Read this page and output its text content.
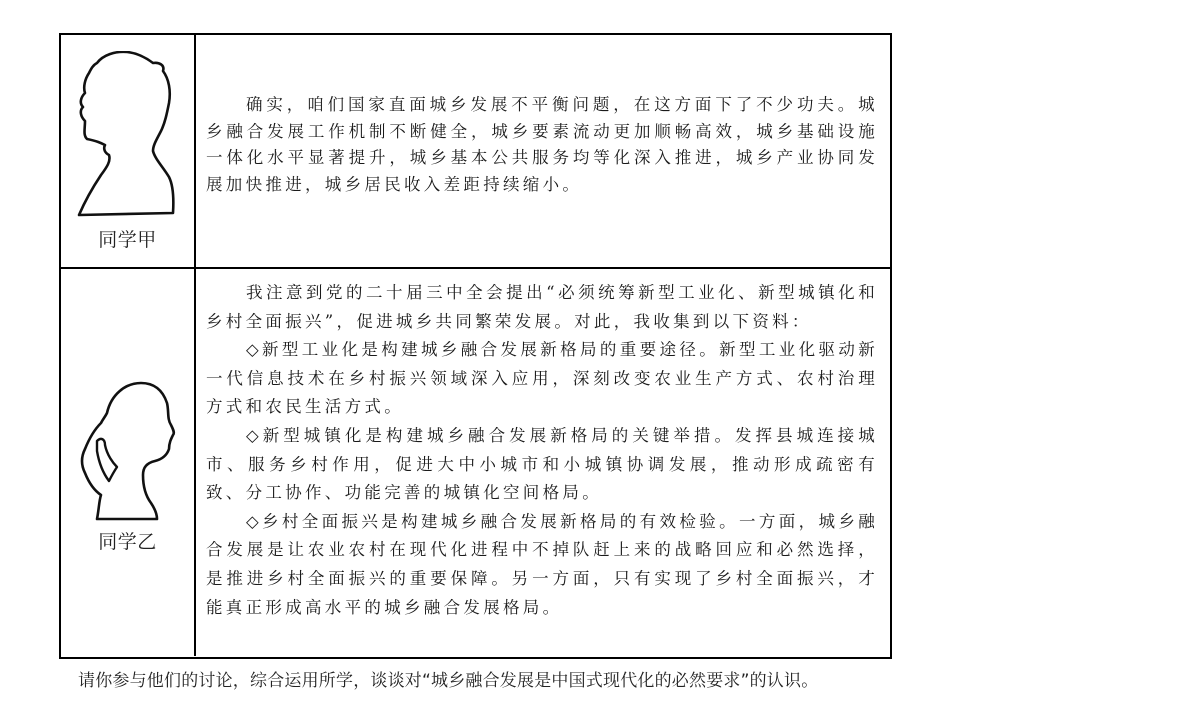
同学甲

确实，咱们国家直面城乡发展不平衡问题，在这方面下了不少功夫。城乡融合发展工作机制不断健全，城乡要素流动更加顺畅高效，城乡基础设施一体化水平显著提升，城乡基本公共服务均等化深入推进，城乡产业协同发展加快推进，城乡居民收入差距持续缩小。

同学乙

我注意到党的二十届三中全会提出“必须统筹新型工业化、新型城镇化和乡村全面振兴”，促进城乡共同繁荣发展。对此，我收集到以下资料：

◇新型工业化是构建城乡融合发展新格局的重要途径。新型工业化驱动新一代信息技术在乡村振兴领域深入应用，深刻改变农业生产方式、农村治理方式和农民生活方式。

◇新型城镇化是构建城乡融合发展新格局的关键举措。发挥县城连接城市、服务乡村作用，促进大中小城市和小城镇协调发展，推动形成疏密有致、分工协作、功能完善的城镇化空间格局。

◇乡村全面振兴是构建城乡融合发展新格局的有效检验。一方面，城乡融合发展是让农业农村在现代化进程中不掉队赶上来的战略回应和必然选择，是推进乡村全面振兴的重要保障。另一方面，只有实现了乡村全面振兴，才能真正形成高水平的城乡融合发展格局。

请你参与他们的讨论，综合运用所学，谈谈对“城乡融合发展是中国式现代化的必然要求”的认识。
